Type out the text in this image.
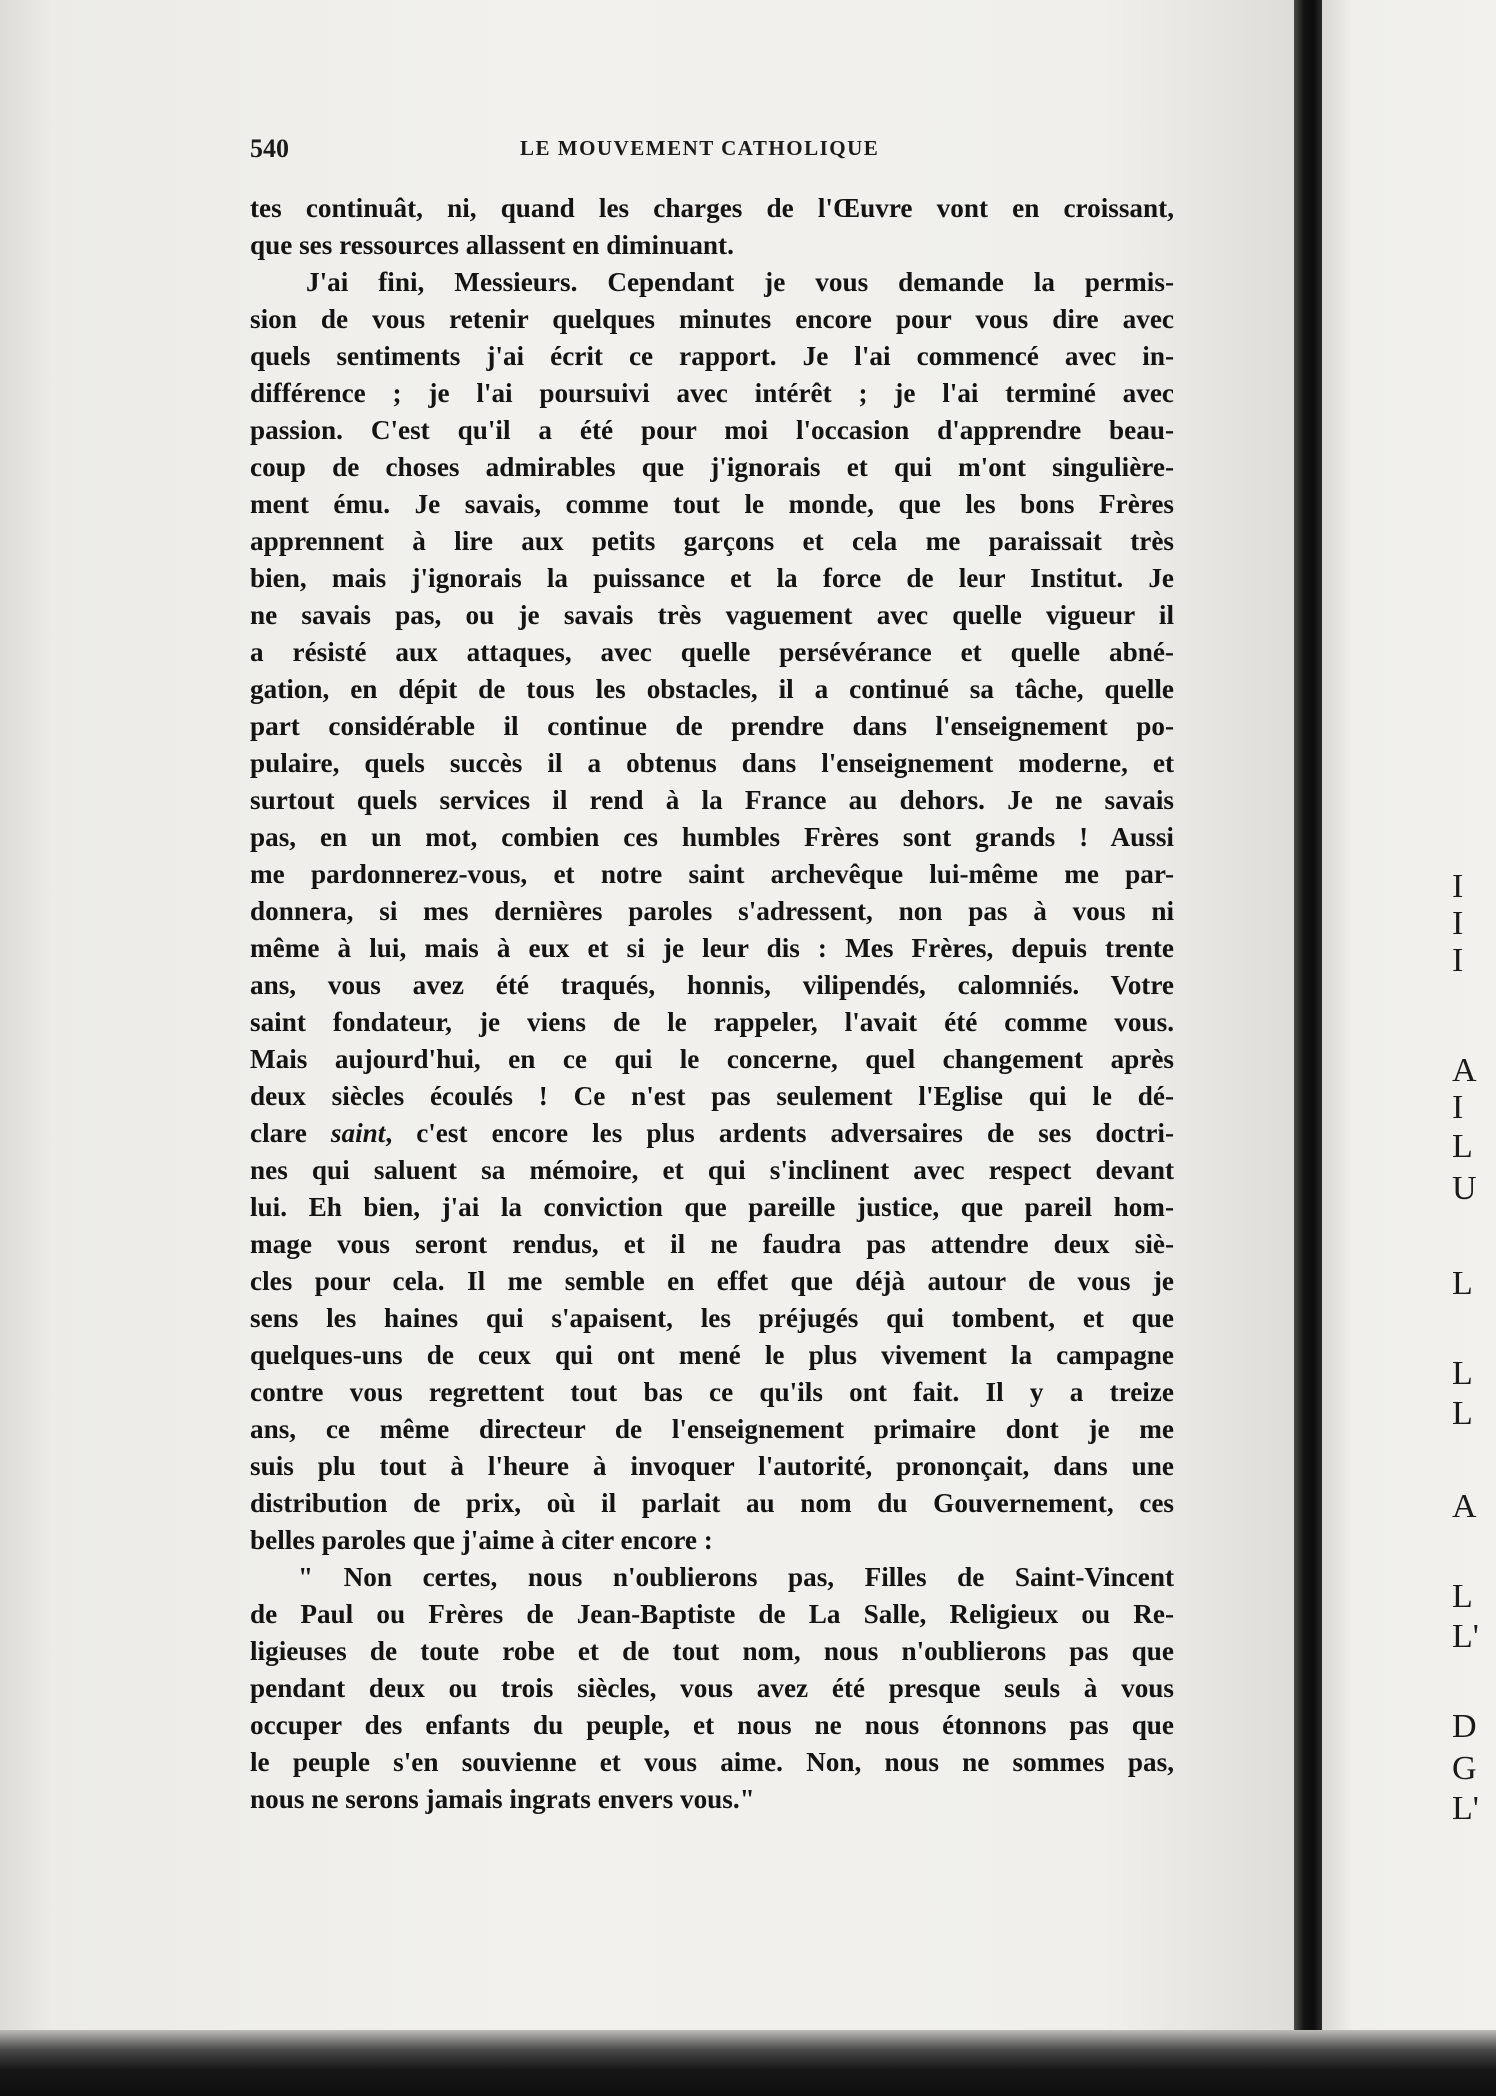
I
I
I
A
I
L
U
L
L
L
A
L
L'
D
G
L'
540	LE MOUVEMENT CATHOLIQUE
tes continuât, ni, quand les charges de l'Œuvre vont en croissant,
que ses ressources allassent en diminuant.
J'ai fini, Messieurs. Cependant je vous demande la permis-
sion de vous retenir quelques minutes encore pour vous dire avec
quels sentiments j'ai écrit ce rapport. Je l'ai commencé avec in-
différence ; je l'ai poursuivi avec intérêt ; je l'ai terminé avec
passion. C'est qu'il a été pour moi l'occasion d'apprendre beau-
coup de choses admirables que j'ignorais et qui m'ont singulière-
ment ému. Je savais, comme tout le monde, que les bons Frères
apprennent à lire aux petits garçons et cela me paraissait très
bien, mais j'ignorais la puissance et la force de leur Institut. Je
ne savais pas, ou je savais très vaguement avec quelle vigueur il
a résisté aux attaques, avec quelle persévérance et quelle abné-
gation, en dépit de tous les obstacles, il a continué sa tâche, quelle
part considérable il continue de prendre dans l'enseignement po-
pulaire, quels succès il a obtenus dans l'enseignement moderne, et
surtout quels services il rend à la France au dehors. Je ne savais
pas, en un mot, combien ces humbles Frères sont grands ! Aussi
me pardonnerez-vous, et notre saint archevêque lui-même me par-
donnera, si mes dernières paroles s'adressent, non pas à vous ni
même à lui, mais à eux et si je leur dis : Mes Frères, depuis trente
ans, vous avez été traqués, honnis, vilipendés, calomniés. Votre
saint fondateur, je viens de le rappeler, l'avait été comme vous.
Mais aujourd'hui, en ce qui le concerne, quel changement après
deux siècles écoulés ! Ce n'est pas seulement l'Eglise qui le dé-
clare saint, c'est encore les plus ardents adversaires de ses doctri-
nes qui saluent sa mémoire, et qui s'inclinent avec respect devant
lui. Eh bien, j'ai la conviction que pareille justice, que pareil hom-
mage vous seront rendus, et il ne faudra pas attendre deux siè-
cles pour cela. Il me semble en effet que déjà autour de vous je
sens les haines qui s'apaisent, les préjugés qui tombent, et que
quelques-uns de ceux qui ont mené le plus vivement la campagne
contre vous regrettent tout bas ce qu'ils ont fait. Il y a treize
ans, ce même directeur de l'enseignement primaire dont je me
suis plu tout à l'heure à invoquer l'autorité, prononçait, dans une
distribution de prix, où il parlait au nom du Gouvernement, ces
belles paroles que j'aime à citer encore :
" Non certes, nous n'oublierons pas, Filles de Saint-Vincent
de Paul ou Frères de Jean-Baptiste de La Salle, Religieux ou Re-
ligieuses de toute robe et de tout nom, nous n'oublierons pas que
pendant deux ou trois siècles, vous avez été presque seuls à vous
occuper des enfants du peuple, et nous ne nous étonnons pas que
le peuple s'en souvienne et vous aime. Non, nous ne sommes pas,
nous ne serons jamais ingrats envers vous."
